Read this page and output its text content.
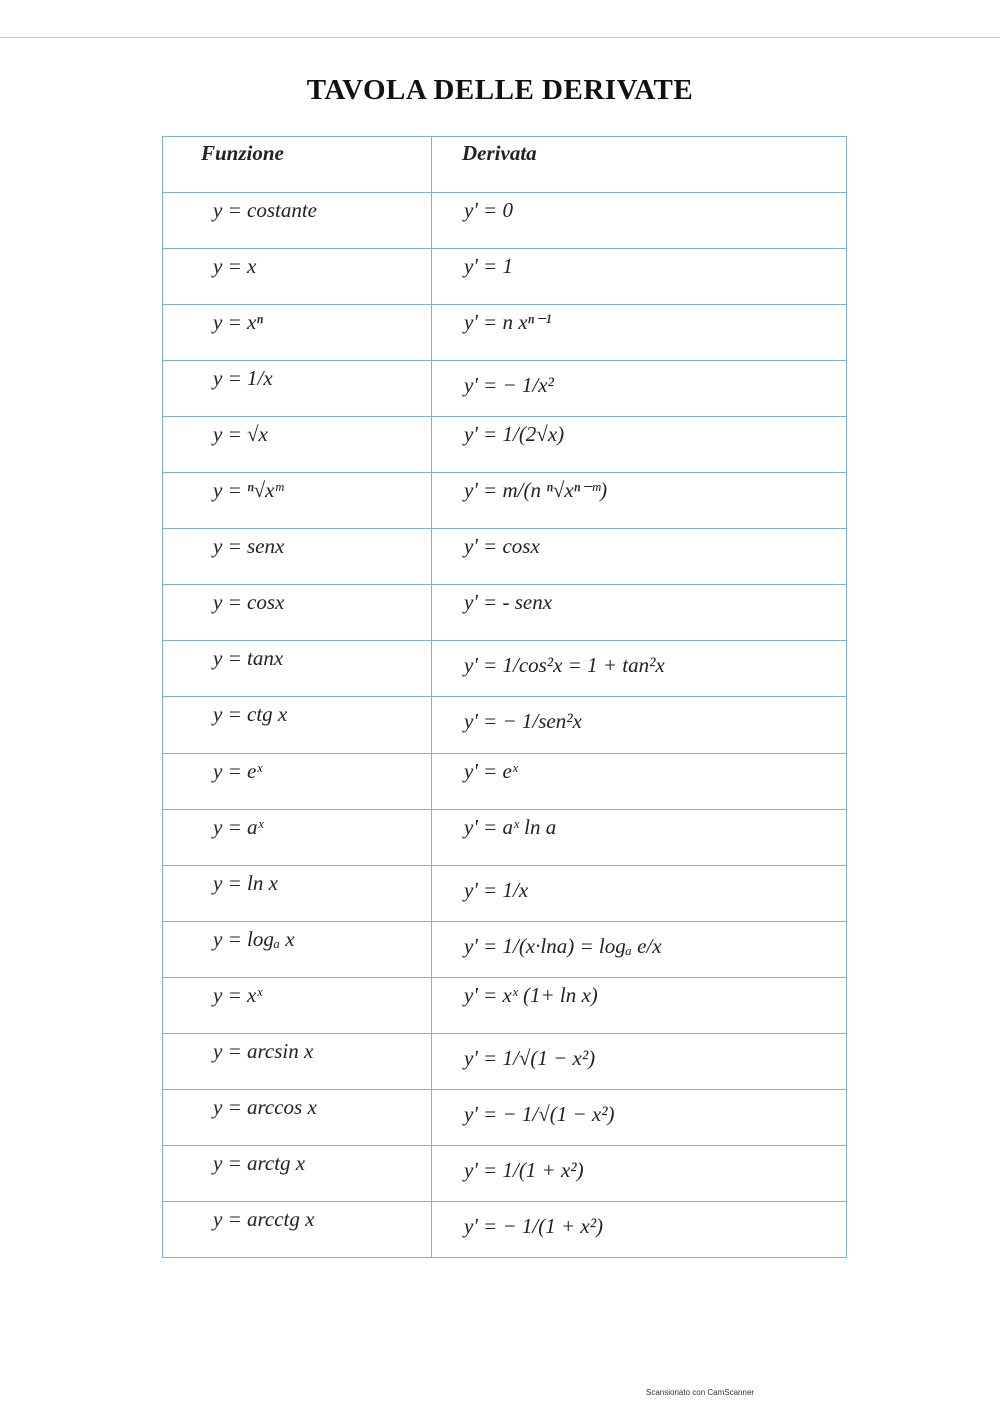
TAVOLA DELLE DERIVATE
Funzione	Derivata

y = costante	y' = 0

y = x	y' = 1

y = xⁿ	y' = n xⁿ⁻¹

y = 1/x	y' = − 1/x²

y = √x	y' = 1/(2√x)

y = ⁿ√xᵐ	y' = m/(n ⁿ√xⁿ⁻ᵐ)

y = senx	y' = cosx

y = cosx	y' = - senx

y = tanx	y' = 1/cos²x = 1 + tan²x

y = ctg x	y' = − 1/sen²x

y = eˣ	y' = eˣ

y = aˣ	y' = aˣ ln a

y = ln x	y' = 1/x

y = logₐ x	y' = 1/(x·lna) = logₐ e/x

y = xˣ	y' = xˣ (1+ ln x)

y = arcsin x	y' = 1/√(1 − x²)

y = arccos x	y' = − 1/√(1 − x²)

y = arctg x	y' = 1/(1 + x²)

y = arcctg x	y' = − 1/(1 + x²)
Scansionato con CamScanner
